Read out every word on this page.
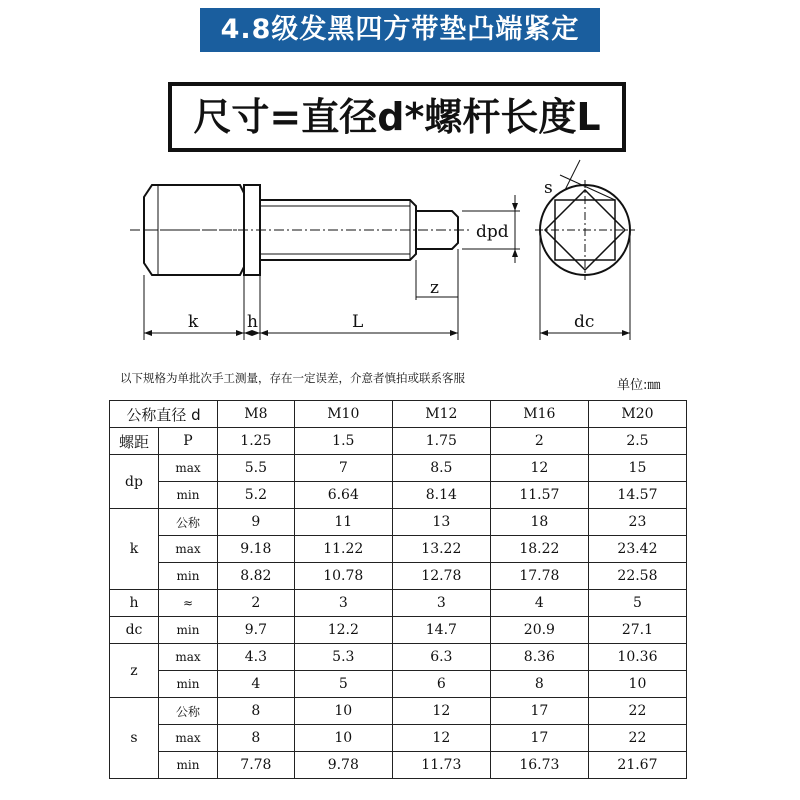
4.8级发黑四方带垫凸端紧定
尺寸=直径d*螺杆长度L
s
dpd
z
k	h	L	dc
以下规格为单批次手工测量，存在一定误差，介意者慎拍或联系客服	单位:㎜
公称直径 d		M8	M10	M12	M16	M20
螺距	P	1.25	1.5	1.75	2	2.5
dp	max	5.5	7	8.5	12	15
	min	5.2	6.64	8.14	11.57	14.57
k	公称	9	11	13	18	23
	max	9.18	11.22	13.22	18.22	23.42
	min	8.82	10.78	12.78	17.78	22.58
h	≈	2	3	3	4	5
dc	min	9.7	12.2	14.7	20.9	27.1
z	max	4.3	5.3	6.3	8.36	10.36
	min	4	5	6	8	10
s	公称	8	10	12	17	22
	max	8	10	12	17	22
	min	7.78	9.78	11.73	16.73	21.67
